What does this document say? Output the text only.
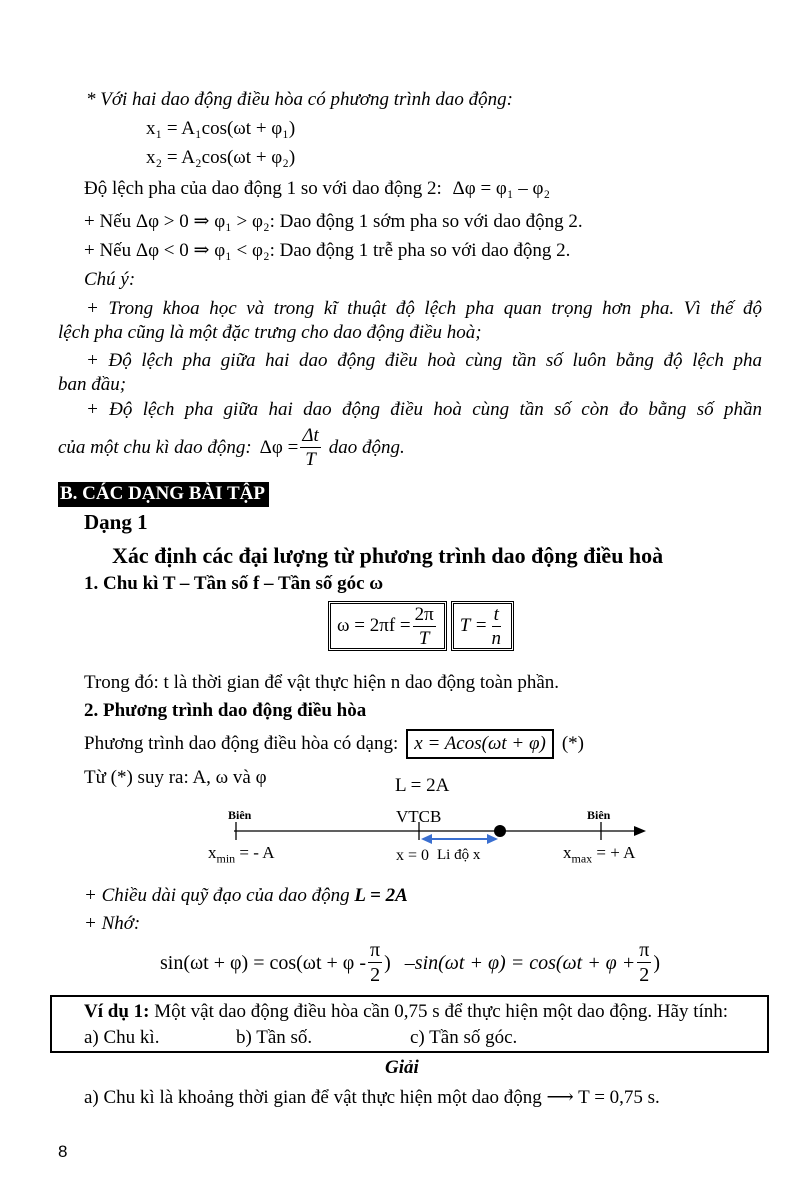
* Với hai dao động điều hòa có phương trình dao động:
x₁ = A₁cos(ωt + φ₁)
x₂ = A₂cos(ωt + φ₂)
Độ lệch pha của dao động 1 so với dao động 2: Δφ = φ₁ – φ₂
+ Nếu Δφ > 0 ⇒ φ₁ > φ₂: Dao động 1 sớm pha so với dao động 2.
+ Nếu Δφ < 0 ⇒ φ₁ < φ₂: Dao động 1 trễ pha so với dao động 2.
Chú ý:
+ Trong khoa học và trong kĩ thuật độ lệch pha quan trọng hơn pha. Vì thế độ
lệch pha cũng là một đặc trưng cho dao động điều hoà;
+ Độ lệch pha giữa hai dao động điều hoà cùng tần số luôn bằng độ lệch pha
ban đầu;
+ Độ lệch pha giữa hai dao động điều hoà cùng tần số còn đo bằng số phần
của một chu kì dao động: $\Delta\varphi = \frac{\Delta t}{T}$ dao động.
B. CÁC DẠNG BÀI TẬP
Dạng 1
Xác định các đại lượng từ phương trình dao động điều hoà
1. Chu kì T – Tần số f – Tần số góc ω
$\omega = 2\pi f = \frac{2\pi}{T}$ $T = \frac{t}{n}$
Trong đó: t là thời gian để vật thực hiện n dao động toàn phần.
2. Phương trình dao động điều hòa
Phương trình dao động điều hòa có dạng: x = Acos(ωt + φ) (*)
Từ (*) suy ra: A, ω và φ	L = 2A
Biên	VTCB	Biên
$x_{min}$ = - A	x = 0 Li độ x	$x_{max}$ = + A
+ Chiều dài quỹ đạo của dao động L = 2A
+ Nhớ:
$\sin(\omega t + \varphi) = \cos(\omega t + \varphi - \frac{\pi}{2}$ ) $-\sin(\omega t + \varphi) = \cos(\omega t + \varphi + \frac{\pi}{2}$ )
Ví dụ 1: Một vật dao động điều hòa cần 0,75 s để thực hiện một dao động. Hãy tính:
a) Chu kì.	b) Tần số.	c) Tần số góc.
Giải
a) Chu kì là khoảng thời gian để vật thực hiện một dao động ⟶ T = 0,75 s.
8
